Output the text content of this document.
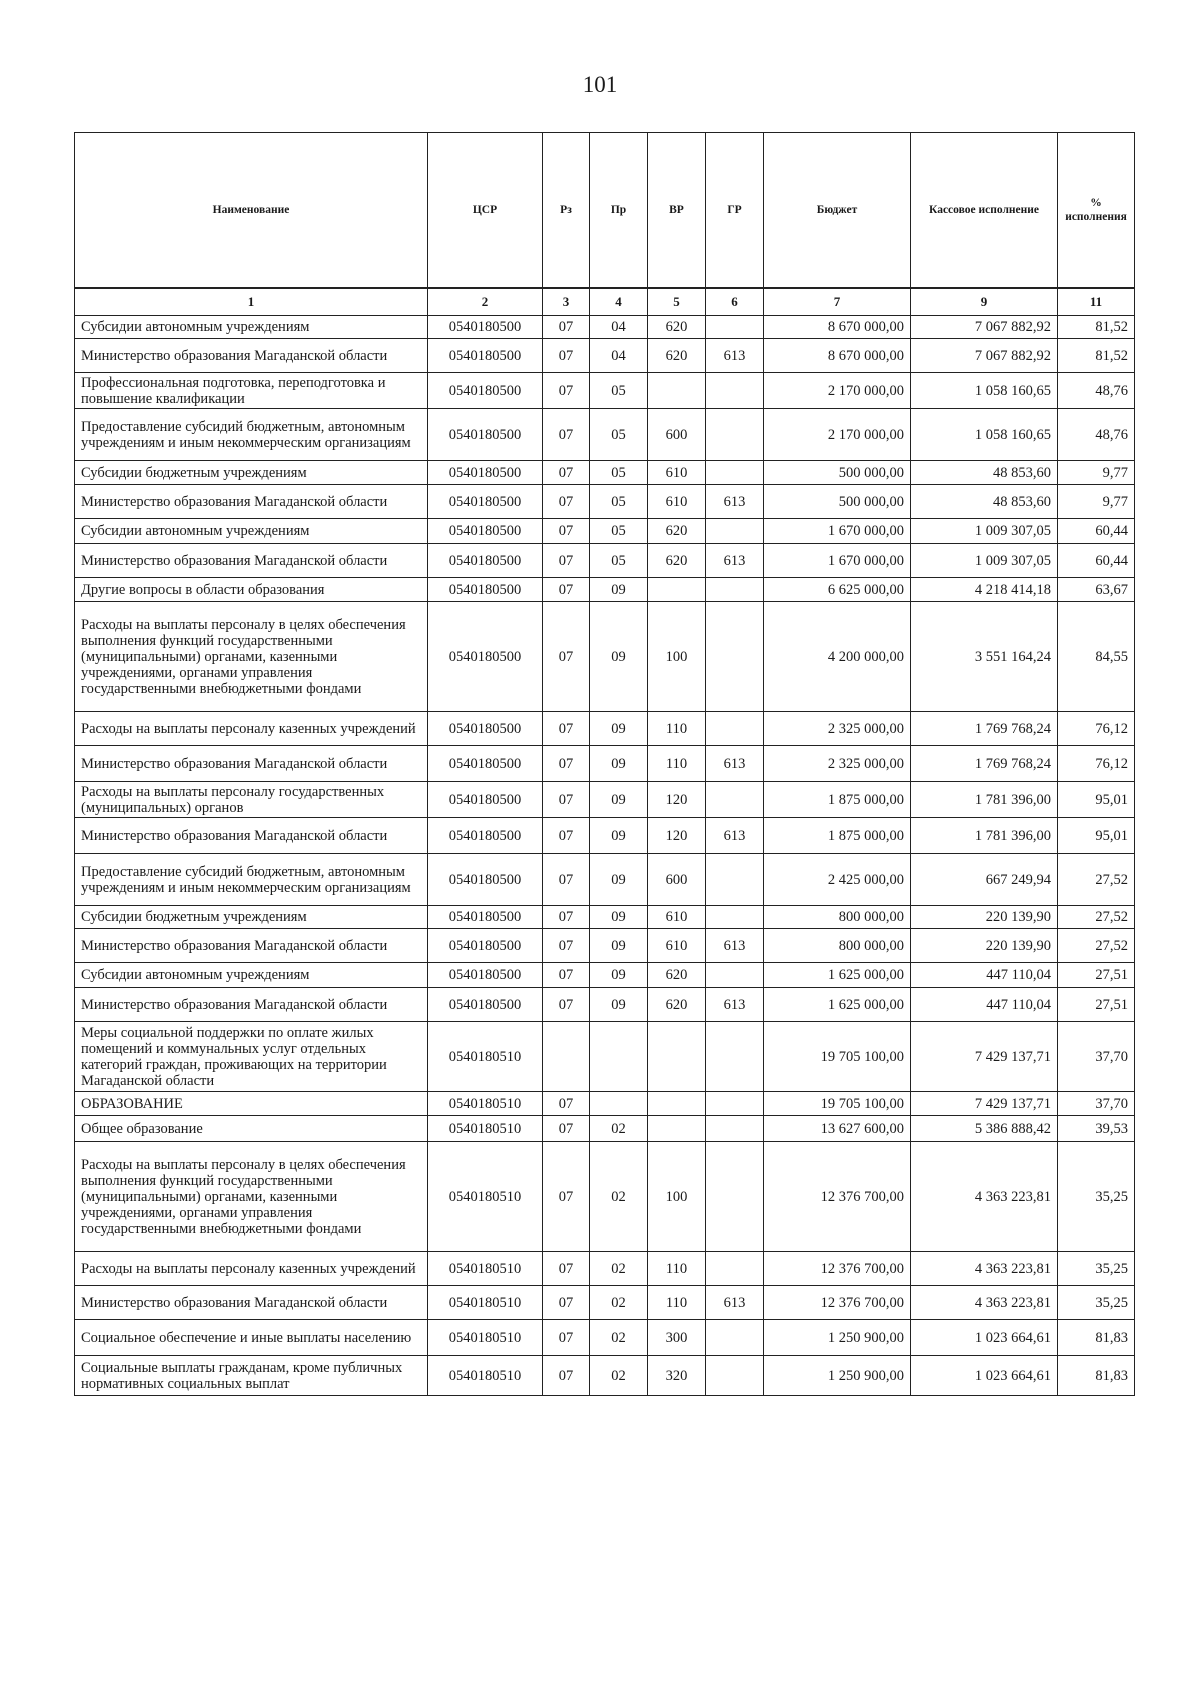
101
Наименование	ЦСР	Рз	Пр	ВР	ГР	Бюджет	Кассовое исполнение	% исполнения
1	2	3	4	5	6	7	9	11
Субсидии автономным учреждениям	0540180500	07	04	620		8 670 000,00	7 067 882,92	81,52
Министерство образования Магаданской области	0540180500	07	04	620	613	8 670 000,00	7 067 882,92	81,52
Профессиональная подготовка, переподготовка и повышение квалификации	0540180500	07	05			2 170 000,00	1 058 160,65	48,76
Предоставление субсидий бюджетным, автономным учреждениям и иным некоммерческим организациям	0540180500	07	05	600		2 170 000,00	1 058 160,65	48,76
Субсидии бюджетным учреждениям	0540180500	07	05	610		500 000,00	48 853,60	9,77
Министерство образования Магаданской области	0540180500	07	05	610	613	500 000,00	48 853,60	9,77
Субсидии автономным учреждениям	0540180500	07	05	620		1 670 000,00	1 009 307,05	60,44
Министерство образования Магаданской области	0540180500	07	05	620	613	1 670 000,00	1 009 307,05	60,44
Другие вопросы в области образования	0540180500	07	09			6 625 000,00	4 218 414,18	63,67
Расходы на выплаты персоналу в целях обеспечения выполнения функций государственными (муниципальными) органами, казенными учреждениями, органами управления государственными внебюджетными фондами	0540180500	07	09	100		4 200 000,00	3 551 164,24	84,55
Расходы на выплаты персоналу казенных учреждений	0540180500	07	09	110		2 325 000,00	1 769 768,24	76,12
Министерство образования Магаданской области	0540180500	07	09	110	613	2 325 000,00	1 769 768,24	76,12
Расходы на выплаты персоналу государственных (муниципальных) органов	0540180500	07	09	120		1 875 000,00	1 781 396,00	95,01
Министерство образования Магаданской области	0540180500	07	09	120	613	1 875 000,00	1 781 396,00	95,01
Предоставление субсидий бюджетным, автономным учреждениям и иным некоммерческим организациям	0540180500	07	09	600		2 425 000,00	667 249,94	27,52
Субсидии бюджетным учреждениям	0540180500	07	09	610		800 000,00	220 139,90	27,52
Министерство образования Магаданской области	0540180500	07	09	610	613	800 000,00	220 139,90	27,52
Субсидии автономным учреждениям	0540180500	07	09	620		1 625 000,00	447 110,04	27,51
Министерство образования Магаданской области	0540180500	07	09	620	613	1 625 000,00	447 110,04	27,51
Меры социальной поддержки по оплате жилых помещений и коммунальных услуг отдельных категорий граждан, проживающих на территории Магаданской области	0540180510					19 705 100,00	7 429 137,71	37,70
ОБРАЗОВАНИЕ	0540180510	07				19 705 100,00	7 429 137,71	37,70
Общее образование	0540180510	07	02			13 627 600,00	5 386 888,42	39,53
Расходы на выплаты персоналу в целях обеспечения выполнения функций государственными (муниципальными) органами, казенными учреждениями, органами управления государственными внебюджетными фондами	0540180510	07	02	100		12 376 700,00	4 363 223,81	35,25
Расходы на выплаты персоналу казенных учреждений	0540180510	07	02	110		12 376 700,00	4 363 223,81	35,25
Министерство образования Магаданской области	0540180510	07	02	110	613	12 376 700,00	4 363 223,81	35,25
Социальное обеспечение и иные выплаты населению	0540180510	07	02	300		1 250 900,00	1 023 664,61	81,83
Социальные выплаты гражданам, кроме публичных нормативных социальных выплат	0540180510	07	02	320		1 250 900,00	1 023 664,61	81,83
